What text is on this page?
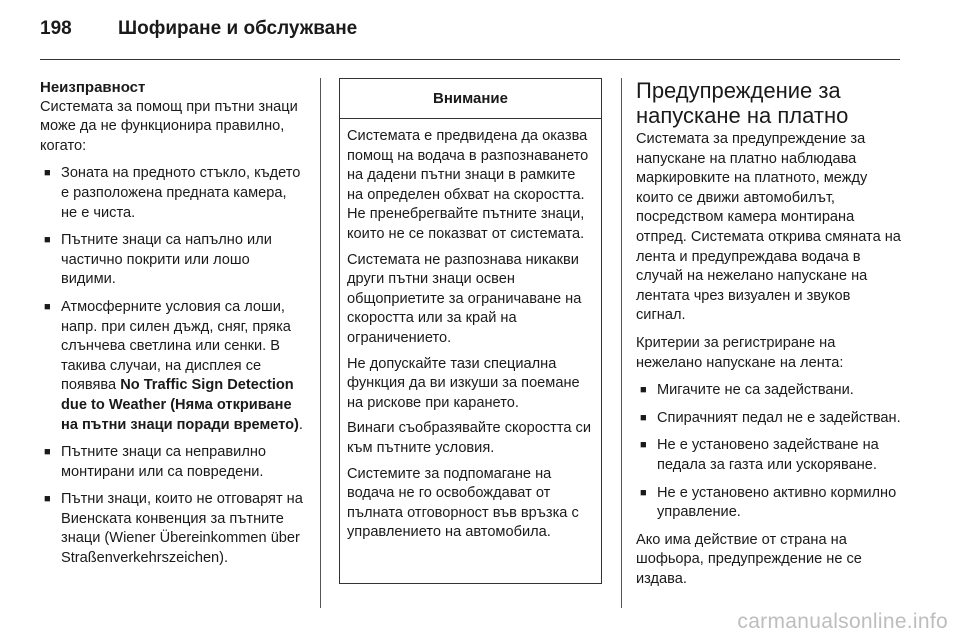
198	Шофиране и обслужване
Неизправност

Системата за помощ при пътни знаци може да не функционира правилно, когато:

■ Зоната на предното стъкло, където е разположена предната камера, не е чиста.
■ Пътните знаци са напълно или частично покрити или лошо видими.
■ Атмосферните условия са лоши, напр. при силен дъжд, сняг, пряка слънчева светлина или сенки. В такива случаи, на дисплея се появява No Traffic Sign Detection due to Weather (Няма откриване на пътни знаци поради времето).
■ Пътните знаци са неправилно монтирани или са повредени.
■ Пътни знаци, които не отговарят на Виенската конвенция за пътните знаци (Wiener Übereinkommen über Straßenverkehrszeichen).
Внимание

Системата е предвидена да оказва помощ на водача в разпознаването на дадени пътни знаци в рамките на определен обхват на скоростта. Не пренебрегвайте пътните знаци, които не се показват от системата.

Системата не разпознава никакви други пътни знаци освен общоприетите за ограничаване на скоростта или за край на ограничението.

Не допускайте тази специална функция да ви изкуши за поемане на рискове при карането.

Винаги съобразявайте скоростта си към пътните условия.

Системите за подпомагане на водача не го освобождават от пълната отговорност във връзка с управлението на автомобила.

Предупреждение за напускане на платно

Системата за предупреждение за напускане на платно наблюдава маркировките на платното, между които се движи автомобилът, посредством камера монтирана отпред. Системата открива смяната на лента и предупреждава водача в случай на нежелано напускане на лентата чрез визуален и звуков сигнал.

Критерии за регистриране на нежелано напускане на лента:

■ Мигачите не са задействани.
■ Спирачният педал не е задействан.
■ Не е установено задействане на педала за газта или ускоряване.
■ Не е установено активно кормилно управление.

Ако има действие от страна на шофьора, предупреждение не се издава.

carmanualsonline.info
